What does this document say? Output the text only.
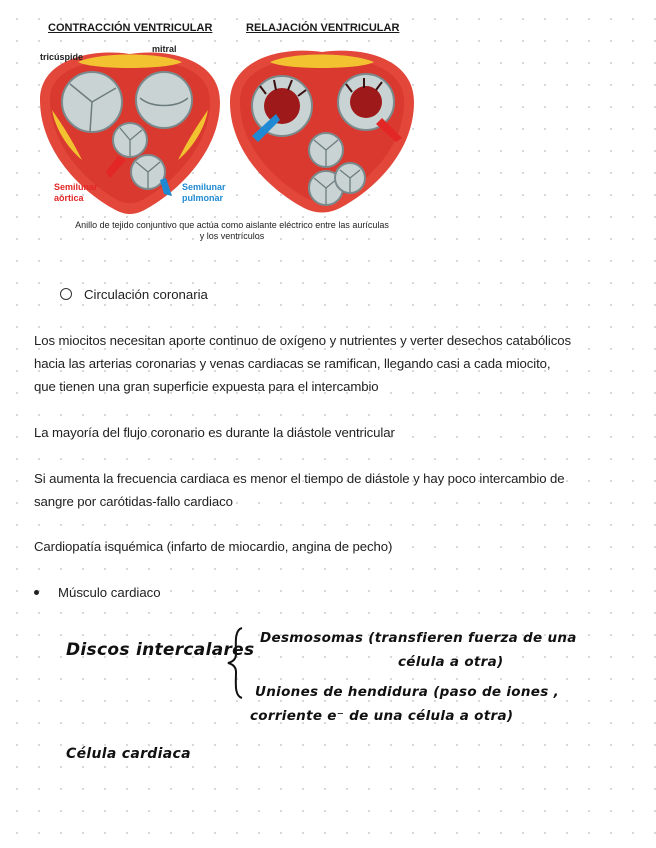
CONTRACCIÓN VENTRICULAR	RELAJACIÓN VENTRICULAR
tricúspide
mitral
Semilunar
aórtica
Semilunar
pulmonar
Anillo de tejido conjuntivo que actúa como aislante eléctrico entre las aurículas
y los ventrículos
Circulación coronaria
Los miocitos necesitan aporte continuo de oxígeno y nutrientes y verter desechos catabólicos
hacia las arterias coronarias y venas cardiacas se ramifican, llegando casi a cada miocito,
que tienen una gran superficie expuesta para el intercambio
La mayoría del flujo coronario es durante la diástole ventricular
Si aumenta la frecuencia cardiaca es menor el tiempo de diástole y hay poco intercambio de
sangre por carótidas-fallo cardiaco
Cardiopatía isquémica (infarto de miocardio, angina de pecho)
Músculo cardiaco
Discos intercalares
Desmosomas (transfieren fuerza de una
célula a otra)
Uniones de hendidura (paso de iones ,
corriente e⁻ de una célula a otra)
Célula cardiaca
